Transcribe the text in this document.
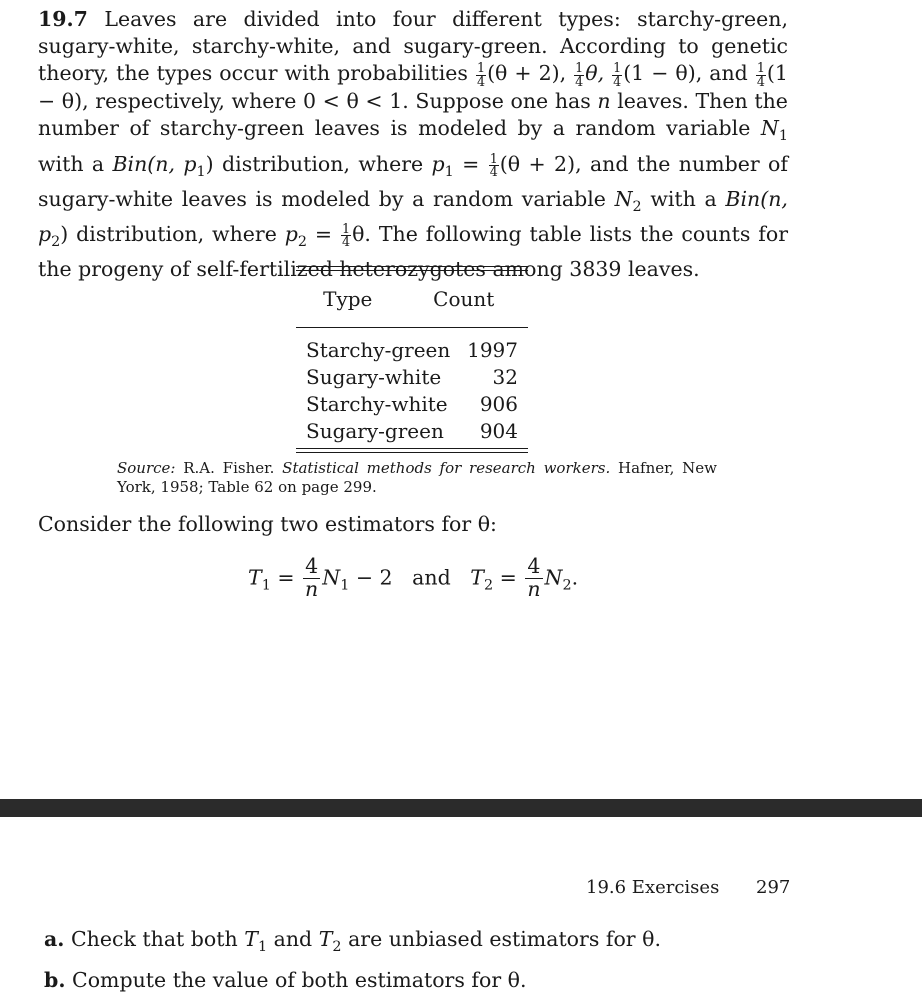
19.7 Leaves are divided into four different types: starchy-green, sugary-white, starchy-white, and sugary-green. According to genetic theory, the types occur with probabilities $\frac{1}{4} (\theta + 2)$, $\frac{1}{4} \theta$, $\frac{1}{4} (1 - \theta)$, and $\frac{1}{4} (1 - \theta)$, respectively, where 0 < θ < 1. Suppose one has n leaves. Then the number of starchy-green leaves is modeled by a random variable $N_1$ with a Bin(n, $p_1$) distribution, where $p_1 = \frac{1}{4} (\theta + 2)$, and the number of sugary-white leaves is modeled by a random variable $N_2$ with a Bin(n, $p_2$) distribution, where $p_2 = \frac{1}{4} \theta$. The following table lists the counts for the progeny of self-fertilized heterozygotes among 3839 leaves.
Type	Count
Starchy-green	1997
Sugary-white	32
Starchy-white	906
Sugary-green	904
Source: R.A. Fisher. Statistical methods for research workers. Hafner, New York, 1958; Table 62 on page 299.
Consider the following two estimators for θ:
$T_1 = \frac{4}{n} N_1 - 2$ and $T_2 = \frac{4}{n} N_2$.
19.6 Exercises 297
a. Check that both $T_1$ and $T_2$ are unbiased estimators for θ.
b. Compute the value of both estimators for θ.
